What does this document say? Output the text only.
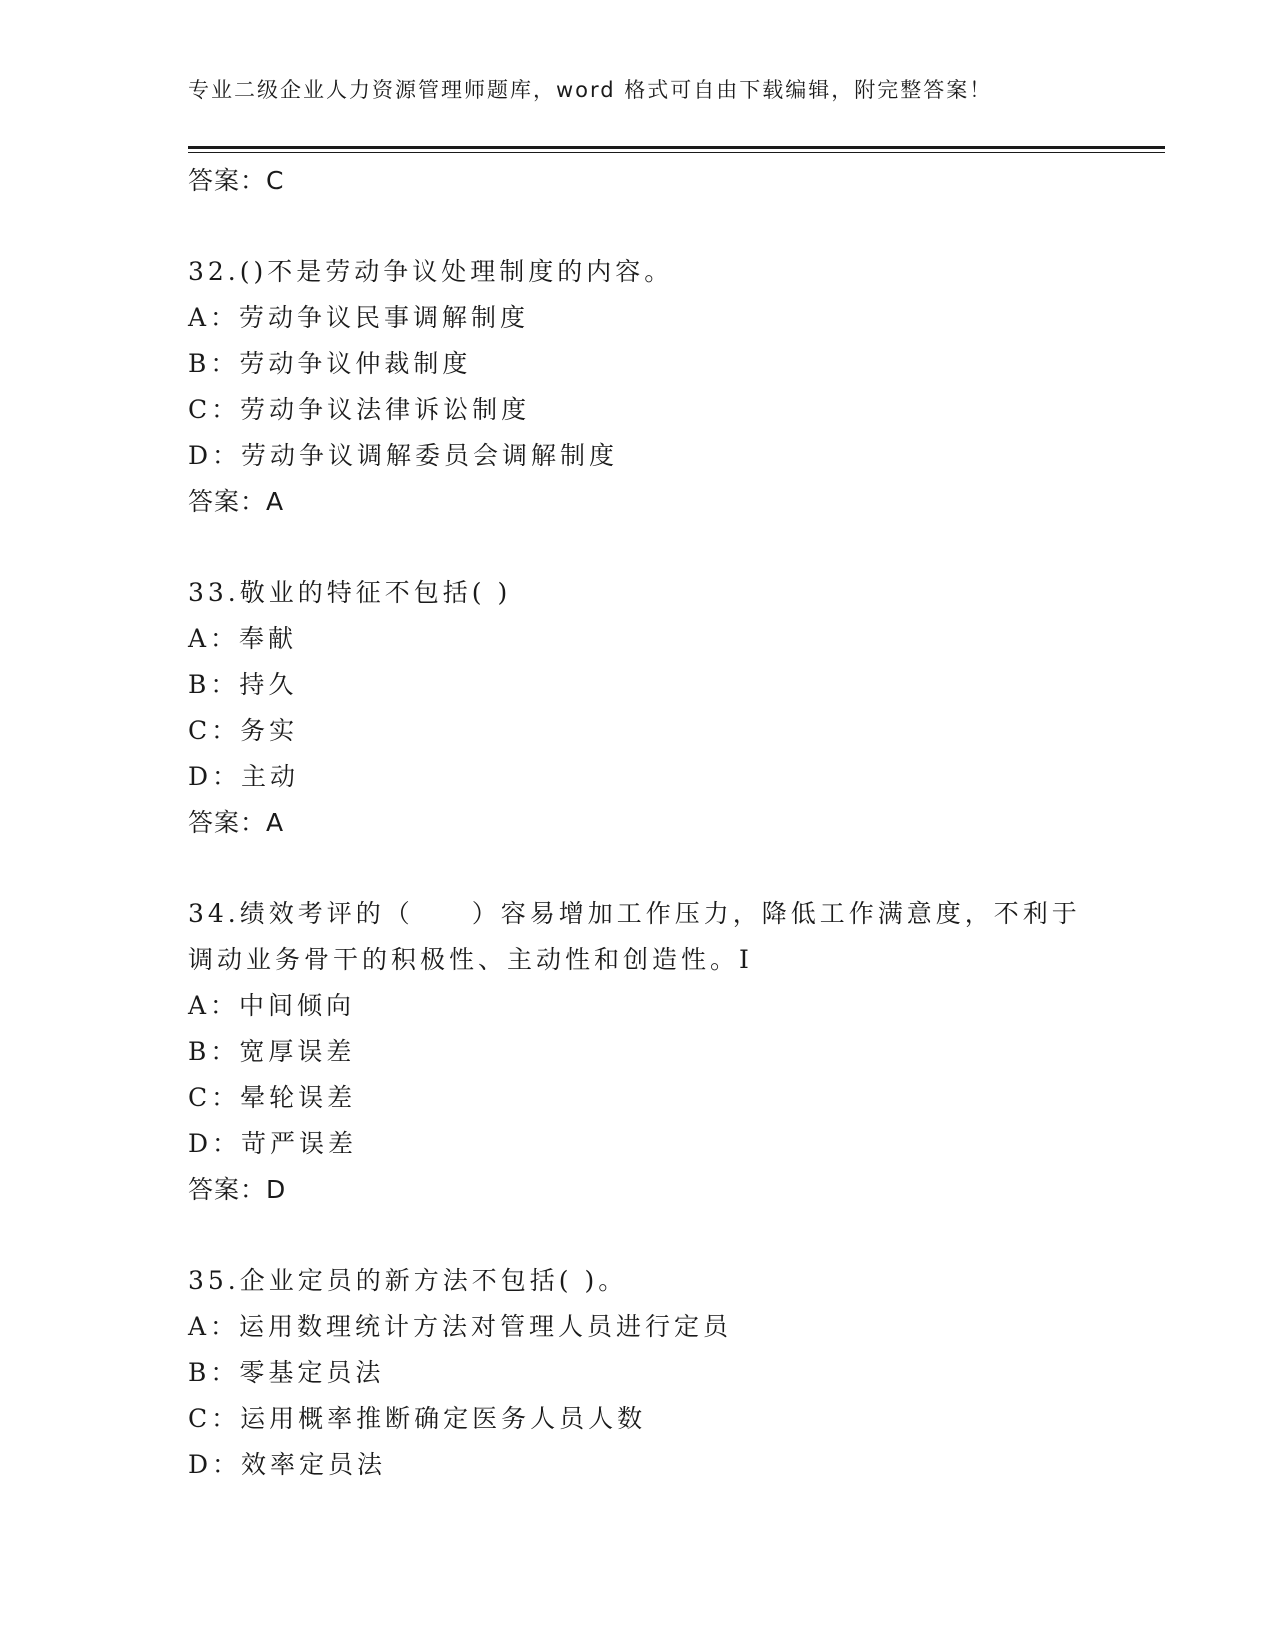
专业二级企业人力资源管理师题库，word 格式可自由下载编辑，附完整答案！
答案：C
32.()不是劳动争议处理制度的内容。
A：劳动争议民事调解制度
B：劳动争议仲裁制度
C：劳动争议法律诉讼制度
D：劳动争议调解委员会调解制度
答案：A
33.敬业的特征不包括( )
A：奉献
B：持久
C：务实
D：主动
答案：A
34.绩效考评的（　　）容易增加工作压力，降低工作满意度，不利于调动业务骨干的积极性、主动性和创造性。I
A：中间倾向
B：宽厚误差
C：晕轮误差
D：苛严误差
答案：D
35.企业定员的新方法不包括( )。
A：运用数理统计方法对管理人员进行定员
B：零基定员法
C：运用概率推断确定医务人员人数
D：效率定员法
